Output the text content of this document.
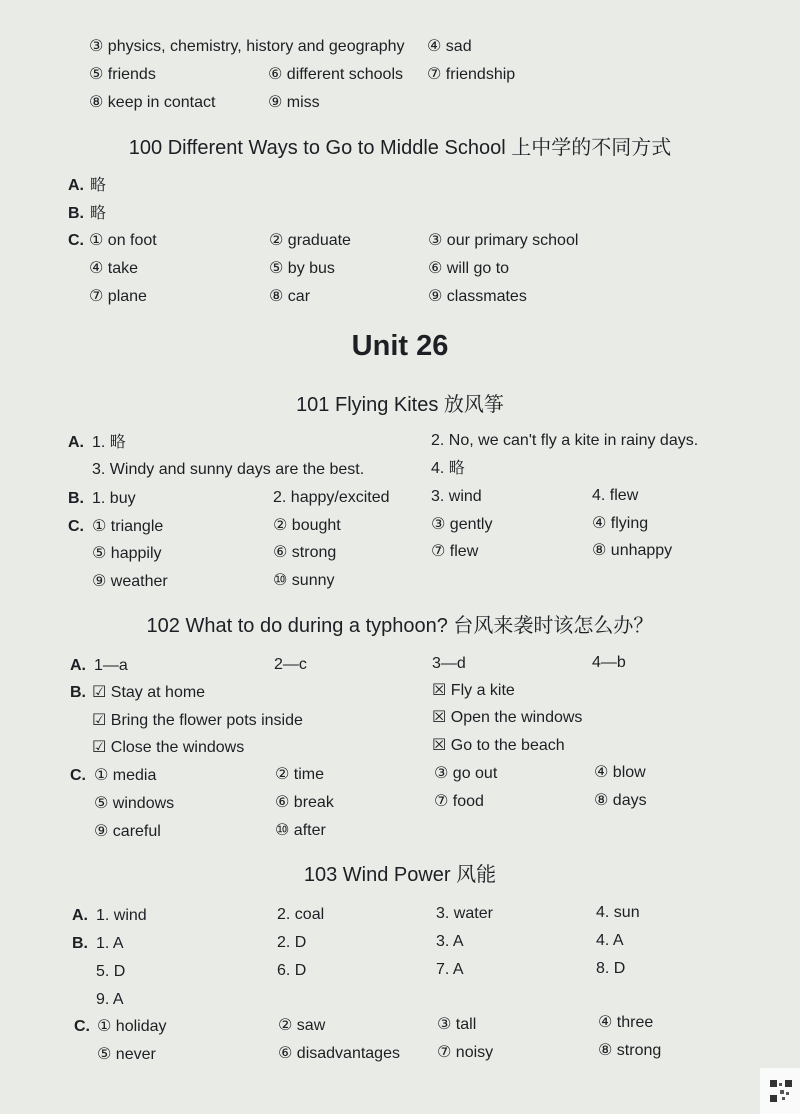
③ physics, chemistry, history and geography ④ sad
⑤ friends	⑥ different schools ⑦ friendship
⑧ keep in contact	⑨ miss
100 Different Ways to Go to Middle School 上中学的不同方式
A. 略
B. 略
C. ① on foot	② graduate	③ our primary school
④ take	⑤ by bus	⑥ will go to
⑦ plane	⑧ car	⑨ classmates
Unit 26
101 Flying Kites 放风筝
A. 1. 略	2. No, we can't fly a kite in rainy days.
3. Windy and sunny days are the best.	4. 略
B. 1. buy	2. happy/excited	3. wind	4. flew
C. ① triangle	② bought	③ gently	④ flying
⑤ happily	⑥ strong	⑦ flew	⑧ unhappy
⑨ weather	⑩ sunny
102 What to do during a typhoon? 台风来袭时该怎么办？
A. 1—a	2—c	3—d	4—b
B. ☑ Stay at home	☒ Fly a kite
☑ Bring the flower pots inside	☒ Open the windows
☑ Close the windows	☒ Go to the beach
C. ① media	② time	③ go out	④ blow
⑤ windows	⑥ break	⑦ food	⑧ days
⑨ careful	⑩ after
103 Wind Power 风能
A. 1. wind	2. coal	3. water	4. sun
B. 1. A	2. D	3. A	4. A
5. D	6. D	7. A	8. D
9. A
C. ① holiday	② saw	③ tall	④ three
⑤ never	⑥ disadvantages ⑦ noisy	⑧ strong
